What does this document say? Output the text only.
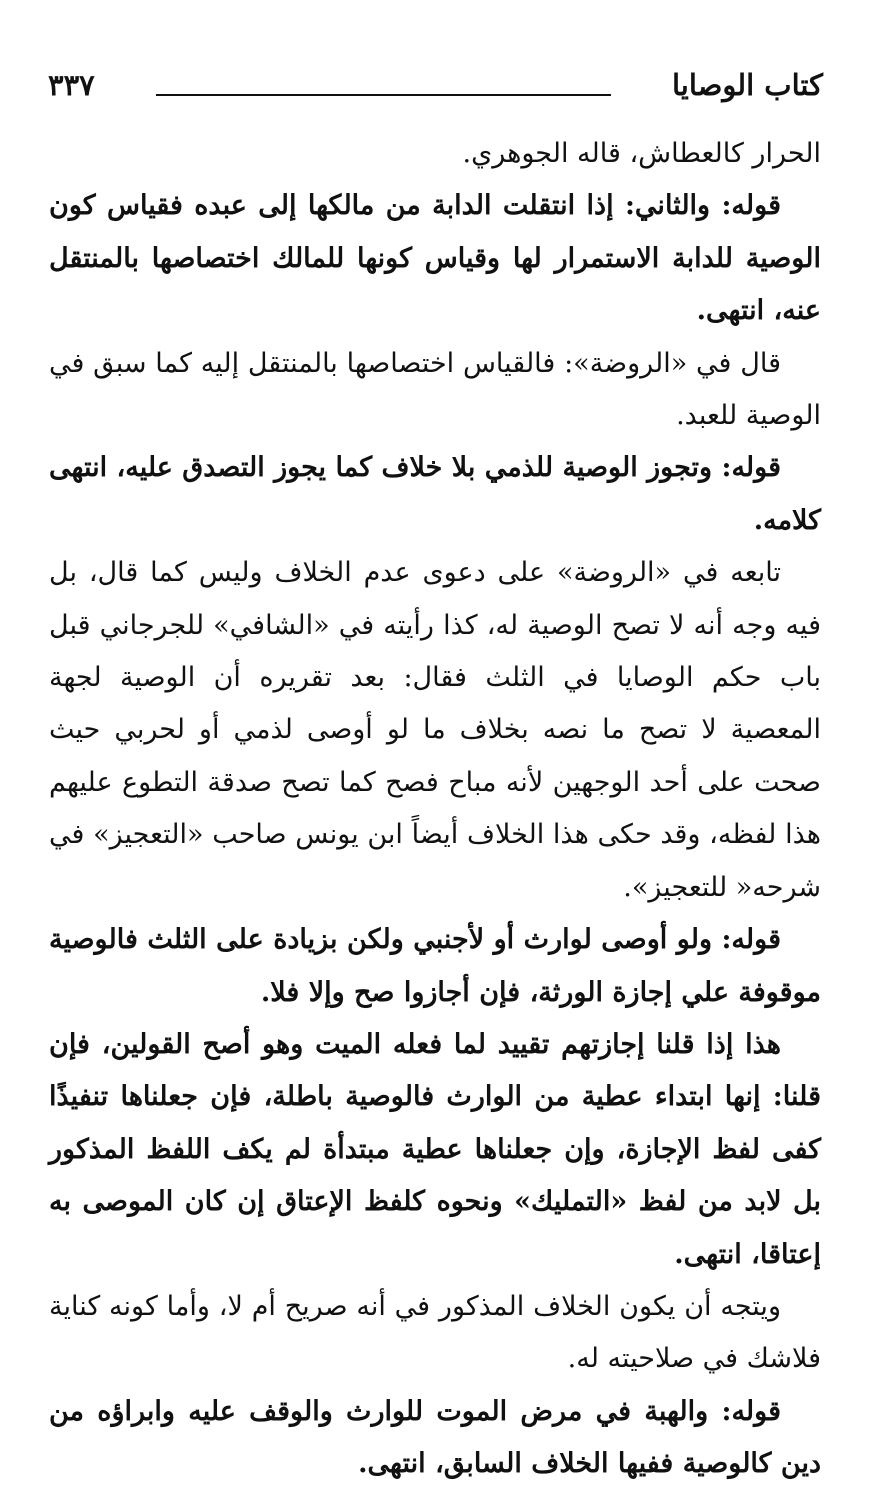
كتاب الوصايا
٣٣٧

الحرار كالعطاش، قاله الجوهري.

قوله: والثاني: إذا انتقلت الدابة من مالكها إلى عبده فقياس كون الوصية للدابة الاستمرار لها وقياس كونها للمالك اختصاصها بالمنتقل عنه، انتهى.

قال في «الروضة»: فالقياس اختصاصها بالمنتقل إليه كما سبق في الوصية للعبد.

قوله: وتجوز الوصية للذمي بلا خلاف كما يجوز التصدق عليه، انتهى كلامه.

تابعه في «الروضة» على دعوى عدم الخلاف وليس كما قال، بل فيه وجه أنه لا تصح الوصية له، كذا رأيته في «الشافي» للجرجاني قبل باب حكم الوصايا في الثلث فقال: بعد تقريره أن الوصية لجهة المعصية لا تصح ما نصه بخلاف ما لو أوصى لذمي أو لحربي حيث صحت على أحد الوجهين لأنه مباح فصح كما تصح صدقة التطوع عليهم هذا لفظه، وقد حكى هذا الخلاف أيضاً ابن يونس صاحب «التعجيز» في شرحه« للتعجيز».

قوله: ولو أوصى لوارث أو لأجنبي ولكن بزيادة على الثلث فالوصية موقوفة علي إجازة الورثة، فإن أجازوا صح وإلا فلا.

هذا إذا قلنا إجازتهم تقييد لما فعله الميت وهو أصح القولين، فإن قلنا: إنها ابتداء عطية من الوارث فالوصية باطلة، فإن جعلناها تنفيذًا كفى لفظ الإجازة، وإن جعلناها عطية مبتدأة لم يكف اللفظ المذكور بل لابد من لفظ «التمليك» ونحوه كلفظ الإعتاق إن كان الموصى به إعتاقا، انتهى.

ويتجه أن يكون الخلاف المذكور في أنه صريح أم لا، وأما كونه كناية فلاشك في صلاحيته له.

قوله: والهبة في مرض الموت للوارث والوقف عليه وابراؤه من دين كالوصية ففيها الخلاف السابق، انتهى.
